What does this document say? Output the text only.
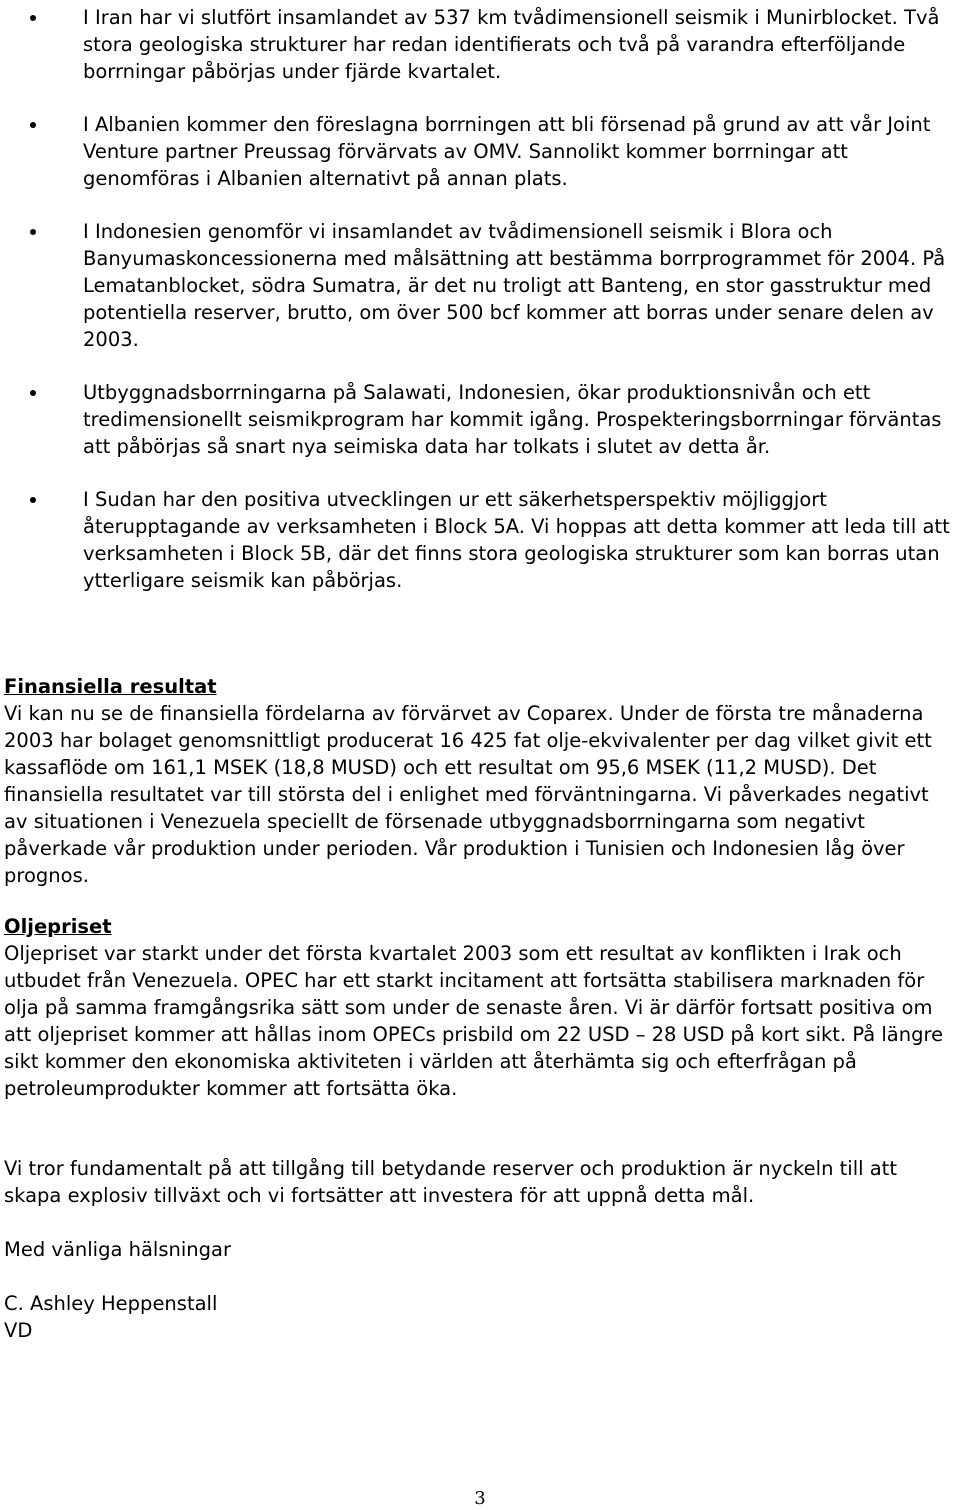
I Iran har vi slutfört insamlandet av 537 km tvådimensionell seismik i Munirblocket. Två stora geologiska strukturer har redan identifierats och två på varandra efterföljande borrningar påbörjas under fjärde kvartalet.
I Albanien kommer den föreslagna borrningen att bli försenad på grund av att vår Joint Venture partner Preussag förvärvats av OMV. Sannolikt kommer borrningar att genomföras i Albanien alternativt på annan plats.
I Indonesien genomför vi insamlandet av tvådimensionell seismik i Blora och Banyumaskoncessionerna med målsättning att bestämma borrprogrammet för 2004. På Lematanblocket, södra Sumatra, är det nu troligt att Banteng, en stor gasstruktur med potentiella reserver, brutto, om över 500 bcf kommer att borras under senare delen av 2003.
Utbyggnadsborrningarna på Salawati, Indonesien, ökar produktionsnivån och ett tredimensionellt seismikprogram har kommit igång. Prospekteringsborrningar förväntas att påbörjas så snart nya seimiska data har tolkats i slutet av detta år.
I Sudan har den positiva utvecklingen ur ett säkerhetsperspektiv möjliggjort återupptagande av verksamheten i Block 5A. Vi hoppas att detta kommer att leda till att verksamheten i Block 5B, där det finns stora geologiska strukturer som kan borras utan ytterligare seismik kan påbörjas.
Finansiella resultat
Vi kan nu se de finansiella fördelarna av förvärvet av Coparex. Under de första tre månaderna 2003 har bolaget genomsnittligt producerat 16 425 fat olje-ekvivalenter per dag vilket givit ett kassaflöde om 161,1 MSEK (18,8 MUSD) och ett resultat om 95,6 MSEK (11,2 MUSD). Det finansiella resultatet var till största del i enlighet med förväntningarna. Vi påverkades negativt av situationen i Venezuela speciellt de försenade utbyggnadsborrningarna som negativt påverkade vår produktion under perioden. Vår produktion i Tunisien och Indonesien låg över prognos.
Oljepriset
Oljepriset var starkt under det första kvartalet 2003 som ett resultat av konflikten i Irak och utbudet från Venezuela. OPEC har ett starkt incitament att fortsätta stabilisera marknaden för olja på samma framgångsrika sätt som under de senaste åren. Vi är därför fortsatt positiva om att oljepriset kommer att hållas inom OPECs prisbild om 22 USD – 28 USD på kort sikt. På längre sikt kommer den ekonomiska aktiviteten i världen att återhämta sig och efterfrågan på petroleumprodukter kommer att fortsätta öka.
Vi tror fundamentalt på att tillgång till betydande reserver och produktion är nyckeln till att skapa explosiv tillväxt och vi fortsätter att investera för att uppnå detta mål.
Med vänliga hälsningar
C. Ashley Heppenstall
VD
3
